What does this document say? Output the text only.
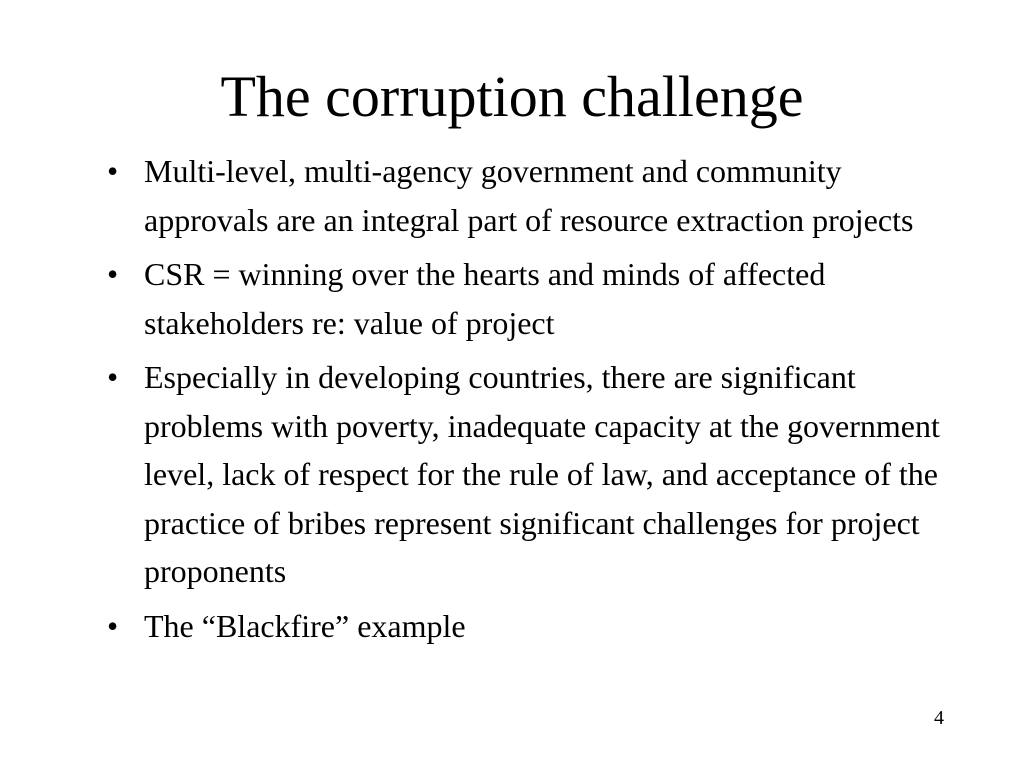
The corruption challenge
• Multi-level, multi-agency government and community approvals are an integral part of resource extraction projects
• CSR = winning over the hearts and minds of affected stakeholders re: value of project
• Especially in developing countries, there are significant problems with poverty, inadequate capacity at the government level, lack of respect for the rule of law, and acceptance of the practice of bribes represent significant challenges for project proponents
• The “Blackfire” example
4
